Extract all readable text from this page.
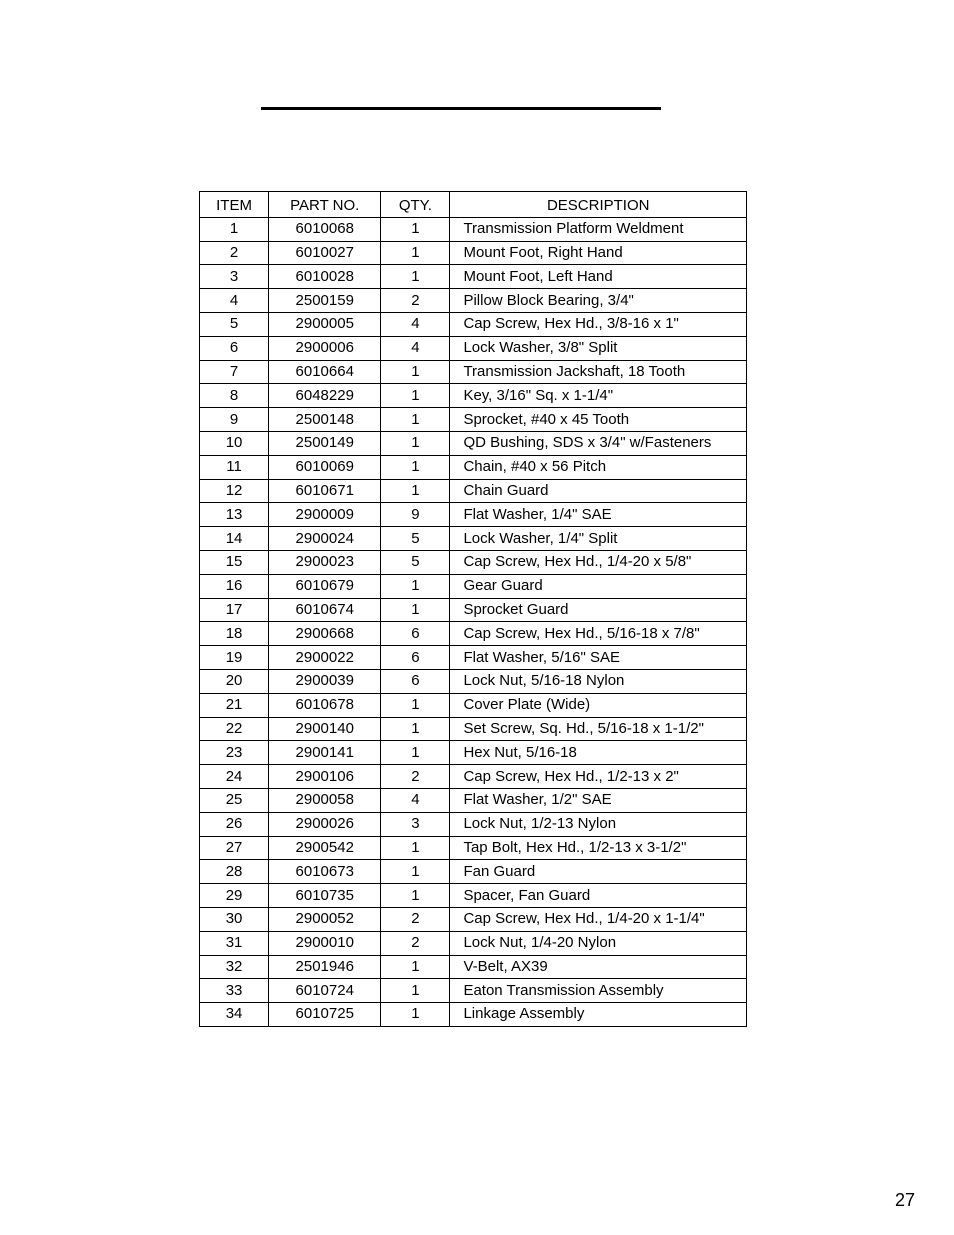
ITEM	PART NO.	QTY.	DESCRIPTION
1	6010068	1	Transmission Platform Weldment
2	6010027	1	Mount Foot, Right Hand
3	6010028	1	Mount Foot, Left Hand
4	2500159	2	Pillow Block Bearing, 3/4"
5	2900005	4	Cap Screw, Hex Hd., 3/8-16 x 1"
6	2900006	4	Lock Washer, 3/8" Split
7	6010664	1	Transmission Jackshaft, 18 Tooth
8	6048229	1	Key, 3/16" Sq. x 1-1/4"
9	2500148	1	Sprocket, #40 x 45 Tooth
10	2500149	1	QD Bushing, SDS x 3/4" w/Fasteners
11	6010069	1	Chain, #40 x 56 Pitch
12	6010671	1	Chain Guard
13	2900009	9	Flat Washer, 1/4" SAE
14	2900024	5	Lock Washer, 1/4" Split
15	2900023	5	Cap Screw, Hex Hd., 1/4-20 x 5/8"
16	6010679	1	Gear Guard
17	6010674	1	Sprocket Guard
18	2900668	6	Cap Screw, Hex Hd., 5/16-18 x 7/8"
19	2900022	6	Flat Washer, 5/16" SAE
20	2900039	6	Lock Nut, 5/16-18 Nylon
21	6010678	1	Cover Plate (Wide)
22	2900140	1	Set Screw, Sq. Hd., 5/16-18 x 1-1/2"
23	2900141	1	Hex Nut, 5/16-18
24	2900106	2	Cap Screw, Hex Hd., 1/2-13 x 2"
25	2900058	4	Flat Washer, 1/2" SAE
26	2900026	3	Lock Nut, 1/2-13 Nylon
27	2900542	1	Tap Bolt, Hex Hd., 1/2-13 x 3-1/2"
28	6010673	1	Fan Guard
29	6010735	1	Spacer, Fan Guard
30	2900052	2	Cap Screw, Hex Hd., 1/4-20 x 1-1/4"
31	2900010	2	Lock Nut, 1/4-20 Nylon
32	2501946	1	V-Belt, AX39
33	6010724	1	Eaton Transmission Assembly
34	6010725	1	Linkage Assembly
27
